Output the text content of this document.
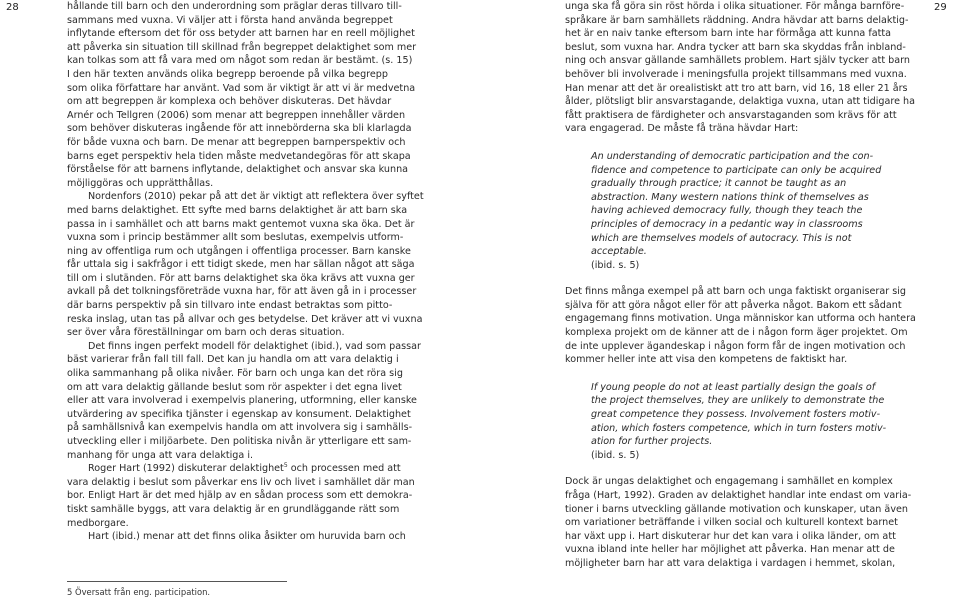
28	29

hållande till barn och den underordning som präglar deras tillvaro till-

sammans med vuxna. Vi väljer att i första hand använda begreppet

inflytande eftersom det för oss betyder att barnen har en reell möjlighet

att påverka sin situation till skillnad från begreppet delaktighet som mer

kan tolkas som att få vara med om något som redan är bestämt. (s. 15)

I den här texten används olika begrepp beroende på vilka begrepp

som olika författare har använt. Vad som är viktigt är att vi är medvetna

om att begreppen är komplexa och behöver diskuteras. Det hävdar

Arnér och Tellgren (2006) som menar att begreppen innehåller värden

som behöver diskuteras ingående för att innebörderna ska bli klarlagda

för både vuxna och barn. De menar att begreppen barnperspektiv och

barns eget perspektiv hela tiden måste medvetandegöras för att skapa

förståelse för att barnens inflytande, delaktighet och ansvar ska kunna

möjliggöras och upprätthållas.

Nordenfors (2010) pekar på att det är viktigt att reflektera över syftet

med barns delaktighet. Ett syfte med barns delaktighet är att barn ska

passa in i samhället och att barns makt gentemot vuxna ska öka. Det är

vuxna som i princip bestämmer allt som beslutas, exempelvis utform-

ning av offentliga rum och utgången i offentliga processer. Barn kanske

får uttala sig i sakfrågor i ett tidigt skede, men har sällan något att säga

till om i slutänden. För att barns delaktighet ska öka krävs att vuxna ger

avkall på det tolkningsföreträde vuxna har, för att även gå in i processer

där barns perspektiv på sin tillvaro inte endast betraktas som pitto-

reska inslag, utan tas på allvar och ges betydelse. Det kräver att vi vuxna

ser över våra föreställningar om barn och deras situation.

Det finns ingen perfekt modell för delaktighet (ibid.), vad som passar

bäst varierar från fall till fall. Det kan ju handla om att vara delaktig i

olika sammanhang på olika nivåer. För barn och unga kan det röra sig

om att vara delaktig gällande beslut som rör aspekter i det egna livet

eller att vara involverad i exempelvis planering, utformning, eller kanske

utvärdering av specifika tjänster i egenskap av konsument. Delaktighet

på samhällsnivå kan exempelvis handla om att involvera sig i samhälls-

utveckling eller i miljöarbete. Den politiska nivån är ytterligare ett sam-

manhang för unga att vara delaktiga i.

Roger Hart (1992) diskuterar delaktighet$^5$ och processen med att

vara delaktig i beslut som påverkar ens liv och livet i samhället där man

bor. Enligt Hart är det med hjälp av en sådan process som ett demokra-

tiskt samhälle byggs, att vara delaktig är en grundläggande rätt som

medborgare.

Hart (ibid.) menar att det finns olika åsikter om huruvida barn och

5 Översatt från eng. participation.

unga ska få göra sin röst hörda i olika situationer. För många barnföre-

språkare är barn samhällets räddning. Andra hävdar att barns delaktig-

het är en naiv tanke eftersom barn inte har förmåga att kunna fatta

beslut, som vuxna har. Andra tycker att barn ska skyddas från inbland-

ning och ansvar gällande samhällets problem. Hart själv tycker att barn

behöver bli involverade i meningsfulla projekt tillsammans med vuxna.

Han menar att det är orealistiskt att tro att barn, vid 16, 18 eller 21 års

ålder, plötsligt blir ansvarstagande, delaktiga vuxna, utan att tidigare ha

fått praktisera de färdigheter och ansvarstaganden som krävs för att

vara engagerad. De måste få träna hävdar Hart:

An understanding of democratic participation and the con-
fidence and competence to participate can only be acquired
gradually through practice; it cannot be taught as an
abstraction. Many western nations think of themselves as
having achieved democracy fully, though they teach the
principles of democracy in a pedantic way in classrooms
which are themselves models of autocracy. This is not
acceptable.
(ibid. s. 5)

Det finns många exempel på att barn och unga faktiskt organiserar sig

själva för att göra något eller för att påverka något. Bakom ett sådant

engagemang finns motivation. Unga människor kan utforma och hantera

komplexa projekt om de känner att de i någon form äger projektet. Om

de inte upplever ägandeskap i någon form får de ingen motivation och

kommer heller inte att visa den kompetens de faktiskt har.

If young people do not at least partially design the goals of
the project themselves, they are unlikely to demonstrate the
great competence they possess. Involvement fosters motiv-
ation, which fosters competence, which in turn fosters motiv-
ation for further projects.
(ibid. s. 5)

Dock är ungas delaktighet och engagemang i samhället en komplex

fråga (Hart, 1992). Graden av delaktighet handlar inte endast om varia-

tioner i barns utveckling gällande motivation och kunskaper, utan även

om variationer beträffande i vilken social och kulturell kontext barnet

har växt upp i. Hart diskuterar hur det kan vara i olika länder, om att

vuxna ibland inte heller har möjlighet att påverka. Han menar att de

möjligheter barn har att vara delaktiga i vardagen i hemmet, skolan,
